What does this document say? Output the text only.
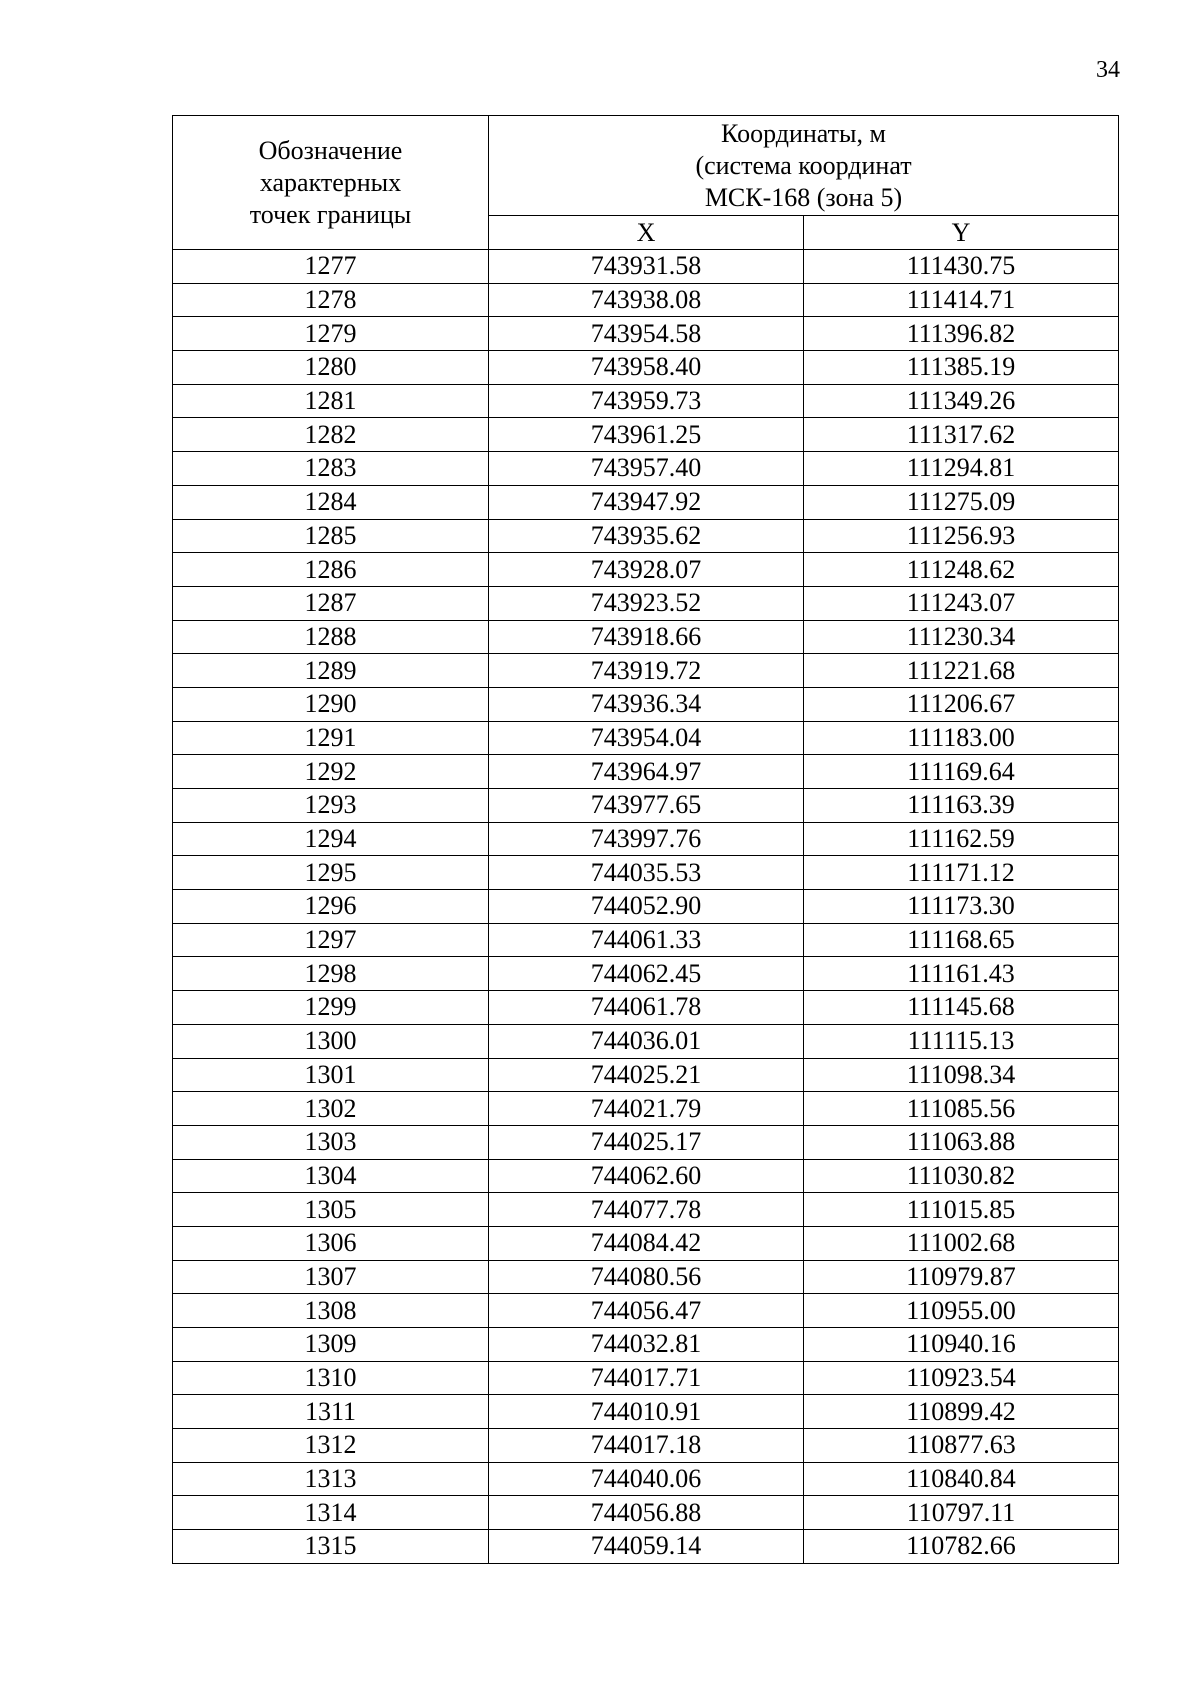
34
Обозначение
характерных
точек границы	Координаты, м
(система координат
МСК-168 (зона 5)	

	X	Y
1277	743931.58	111430.75
1278	743938.08	111414.71
1279	743954.58	111396.82
1280	743958.40	111385.19
1281	743959.73	111349.26
1282	743961.25	111317.62
1283	743957.40	111294.81
1284	743947.92	111275.09
1285	743935.62	111256.93
1286	743928.07	111248.62
1287	743923.52	111243.07
1288	743918.66	111230.34
1289	743919.72	111221.68
1290	743936.34	111206.67
1291	743954.04	111183.00
1292	743964.97	111169.64
1293	743977.65	111163.39
1294	743997.76	111162.59
1295	744035.53	111171.12
1296	744052.90	111173.30
1297	744061.33	111168.65
1298	744062.45	111161.43
1299	744061.78	111145.68
1300	744036.01	111115.13
1301	744025.21	111098.34
1302	744021.79	111085.56
1303	744025.17	111063.88
1304	744062.60	111030.82
1305	744077.78	111015.85
1306	744084.42	111002.68
1307	744080.56	110979.87
1308	744056.47	110955.00
1309	744032.81	110940.16
1310	744017.71	110923.54
1311	744010.91	110899.42
1312	744017.18	110877.63
1313	744040.06	110840.84
1314	744056.88	110797.11
1315	744059.14	110782.66
